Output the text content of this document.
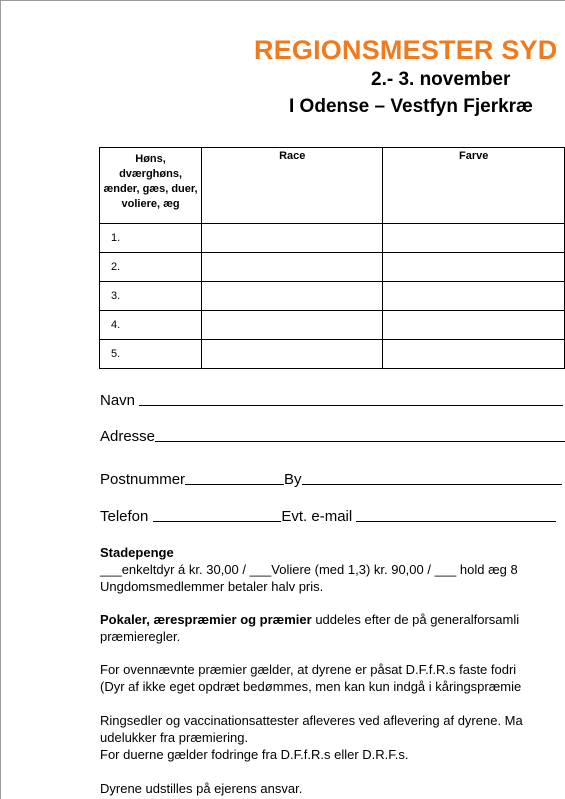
REGIONSMESTER SYD
2.- 3. november
I Odense – Vestfyn Fjerkræ
Høns, dværghøns, ænder, gæs, duer, voliere, æg	Race	Farve
1.		
2.		
3.		
4.		
5.		
Navn
Adresse
Postnummer	By
Telefon	Evt. e-mail
Stadepenge
___enkeltdyr á kr. 30,00 / ___Voliere (med 1,3) kr. 90,00 / ___ hold æg 8
Ungdomsmedlemmer betaler halv pris.
Pokaler, ærespræmier og præmier uddeles efter de på generalforsamli
præmieregler.
For ovennævnte præmier gælder, at dyrene er påsat D.F.f.R.s faste fodri
(Dyr af ikke eget opdræt bedømmes, men kan kun indgå i kåringspræmie
Ringsedler og vaccinationsattester afleveres ved aflevering af dyrene. Ma
udelukker fra præmiering.
For duerne gælder fodringe fra D.F.f.R.s eller D.R.F.s.
Dyrene udstilles på ejerens ansvar.
